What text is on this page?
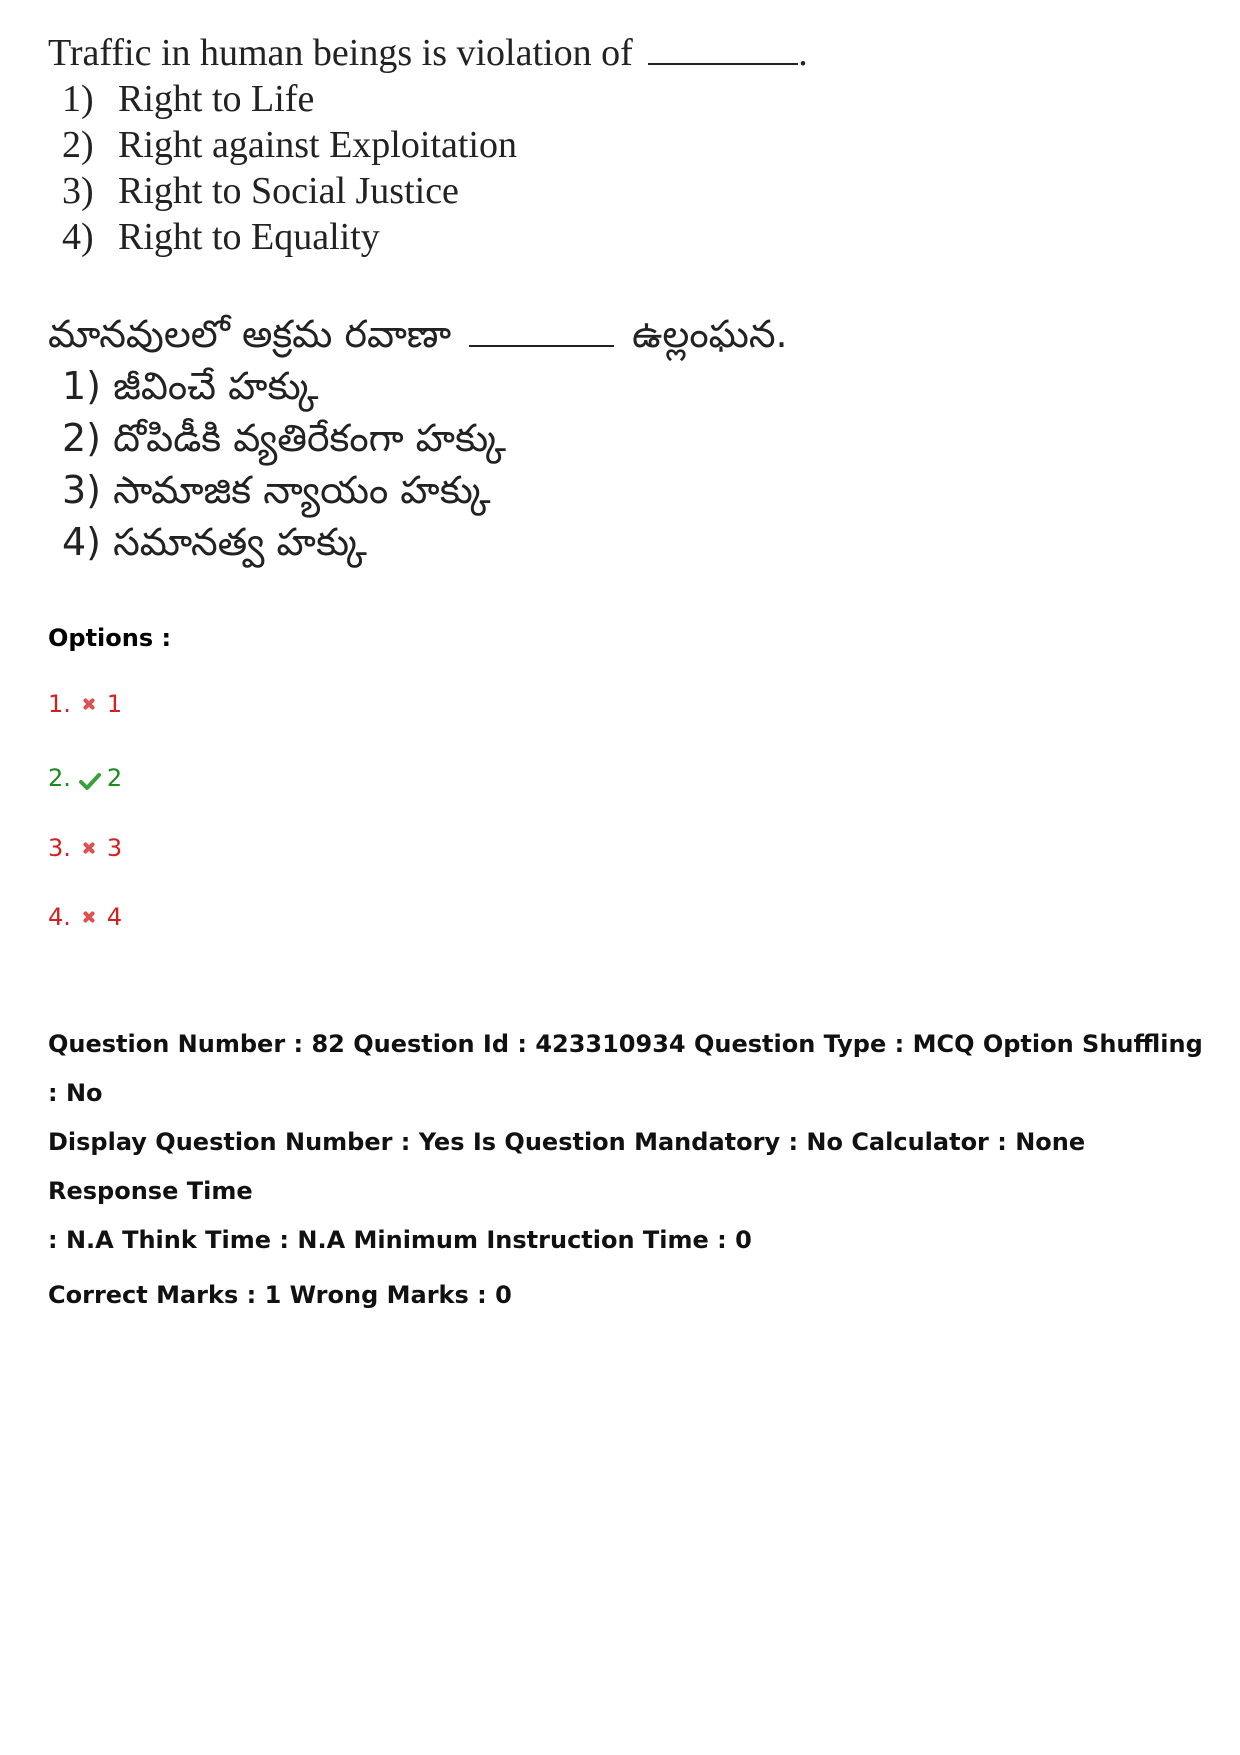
Traffic in human beings is violation of	.
1) Right to Life
2) Right against Exploitation
3) Right to Social Justice
4) Right to Equality
మానవులలో అక్రమ రవాణా	ఉల్లంఘన.
1) జీవించే హక్కు
2) దోపిడీకి వ్యతిరేకంగా హక్కు
3) సామాజిక న్యాయం హక్కు
4) సమానత్వ హక్కు
Options :
1. 1
2. 2
3. 3
4. 4
Question Number : 82 Question Id : 423310934 Question Type : MCQ Option Shuffling : No
Display Question Number : Yes Is Question Mandatory : No Calculator : None Response Time
: N.A Think Time : N.A Minimum Instruction Time : 0
Correct Marks : 1 Wrong Marks : 0
